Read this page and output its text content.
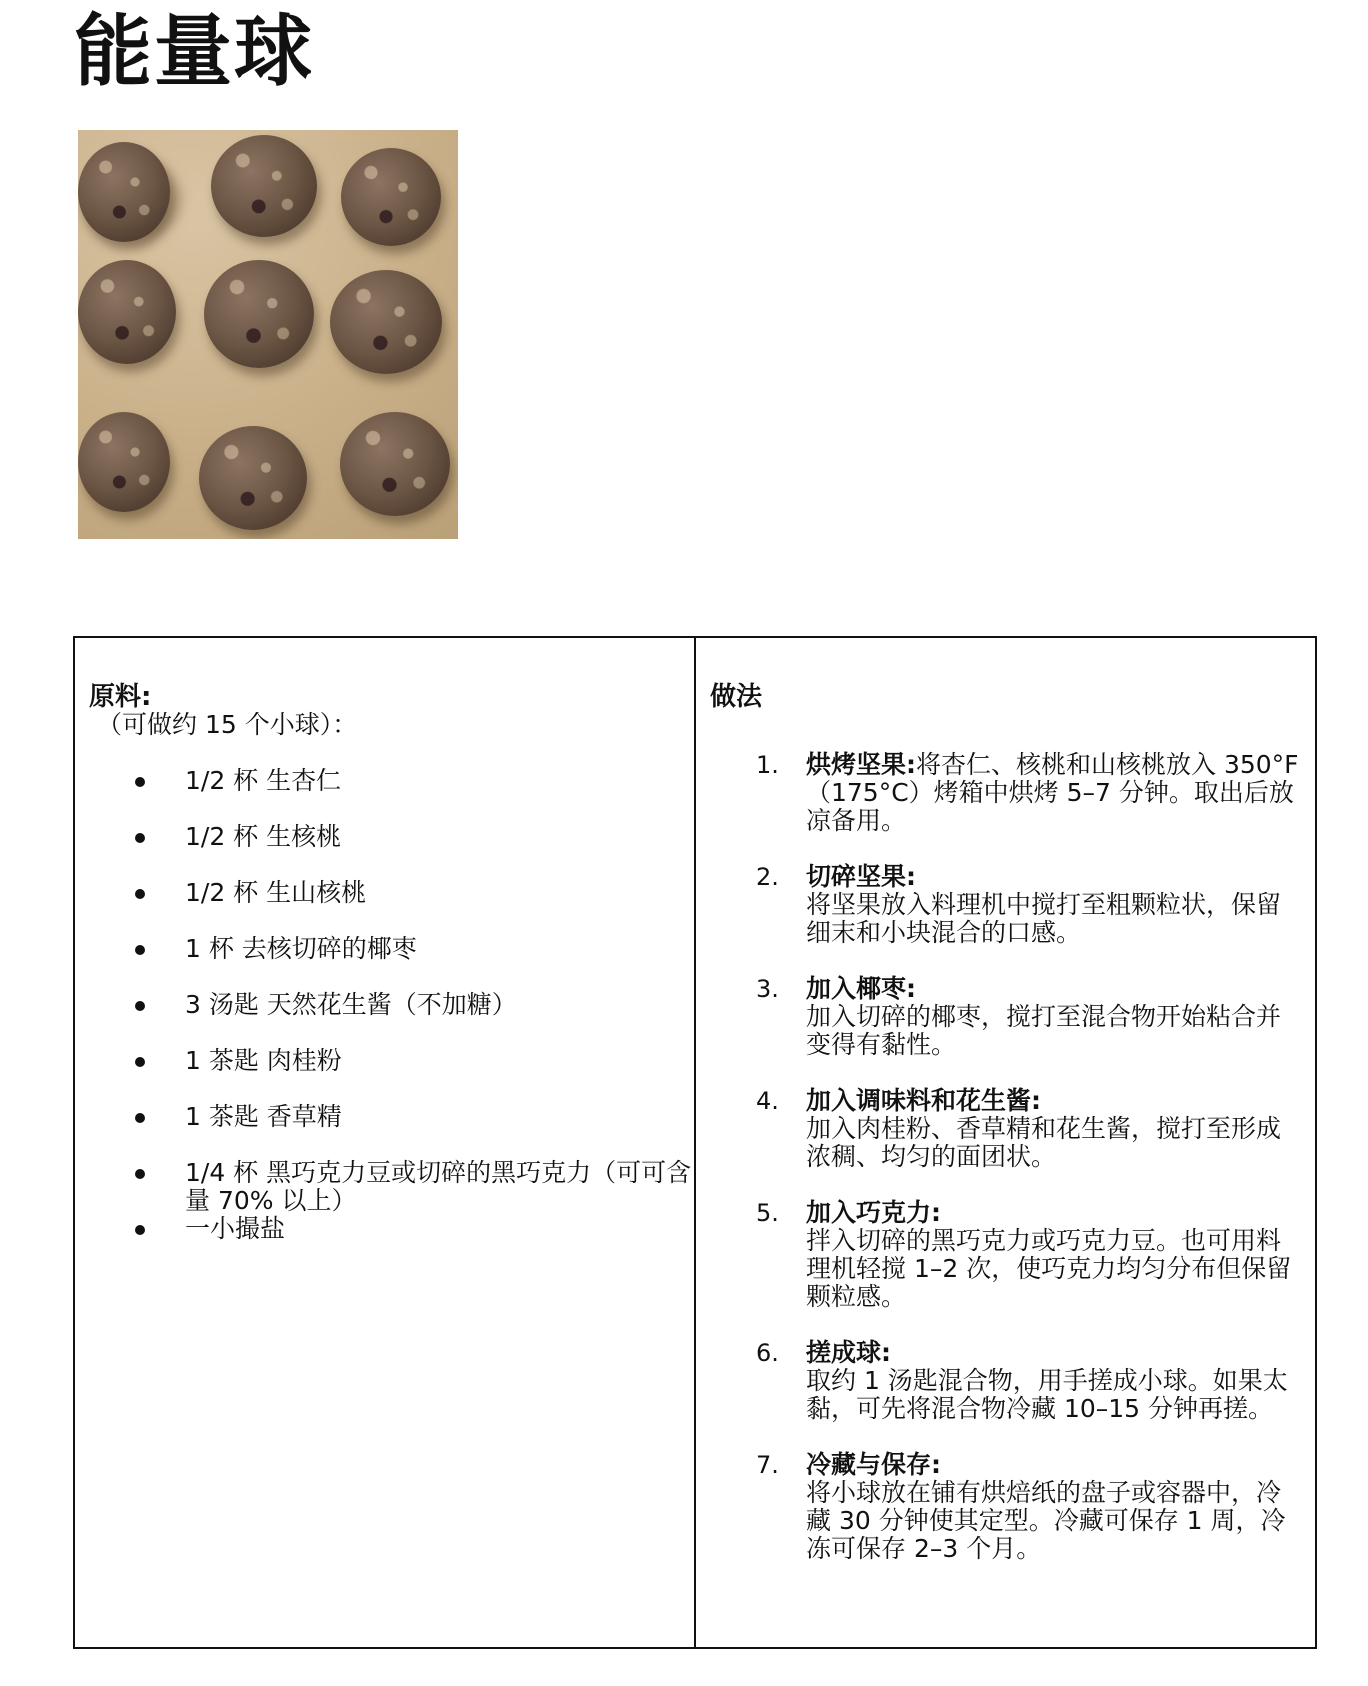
能量球

原料:

（可做约 15 个小球）：

1/2 杯 生杏仁
1/2 杯 生核桃
1/2 杯 生山核桃
1 杯 去核切碎的椰枣
3 汤匙 天然花生酱（不加糖）
1 茶匙 肉桂粉
1 茶匙 香草精
1/4 杯 黑巧克力豆或切碎的黑巧克力（可可含量 70% 以上）
一小撮盐

做法

1. 烘烤坚果:将杏仁、核桃和山核桃放入 350°F（175°C）烤箱中烘烤 5–7 分钟。取出后放凉备用。
2. 切碎坚果:
将坚果放入料理机中搅打至粗颗粒状，保留细末和小块混合的口感。
3. 加入椰枣:
加入切碎的椰枣，搅打至混合物开始粘合并变得有黏性。
4. 加入调味料和花生酱:
加入肉桂粉、香草精和花生酱，搅打至形成浓稠、均匀的面团状。
5. 加入巧克力:
拌入切碎的黑巧克力或巧克力豆。也可用料理机轻搅 1–2 次，使巧克力均匀分布但保留颗粒感。
6. 搓成球:
取约 1 汤匙混合物，用手搓成小球。如果太黏，可先将混合物冷藏 10–15 分钟再搓。
7. 冷藏与保存:
将小球放在铺有烘焙纸的盘子或容器中，冷藏 30 分钟使其定型。冷藏可保存 1 周，冷冻可保存 2–3 个月。
